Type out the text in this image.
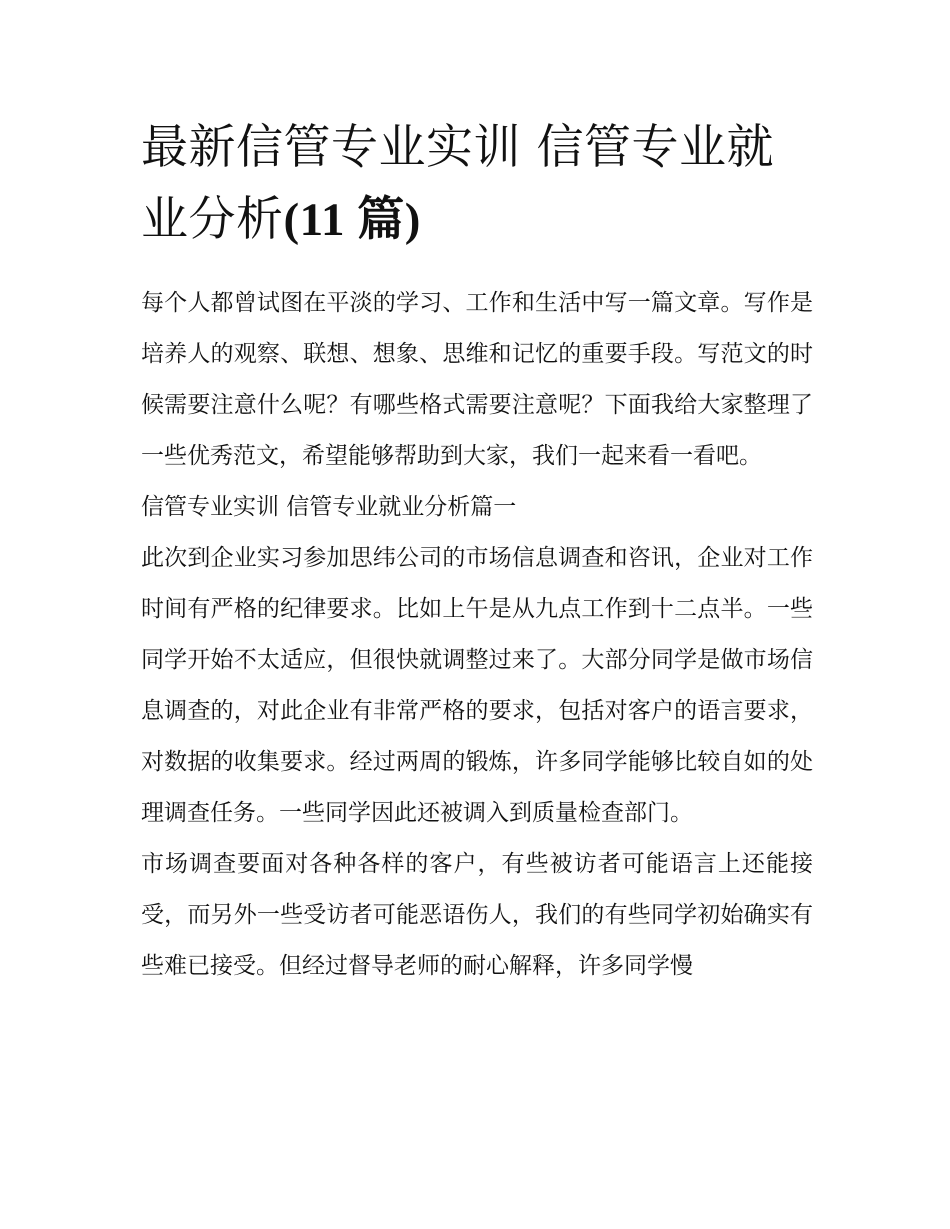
最新信管专业实训 信管专业就业分析(11 篇)

每个人都曾试图在平淡的学习、工作和生活中写一篇文章。写作是培养人的观察、联想、想象、思维和记忆的重要手段。写范文的时候需要注意什么呢？有哪些格式需要注意呢？下面我给大家整理了一些优秀范文，希望能够帮助到大家，我们一起来看一看吧。

信管专业实训 信管专业就业分析篇一

此次到企业实习参加思纬公司的市场信息调查和咨讯，企业对工作时间有严格的纪律要求。比如上午是从九点工作到十二点半。一些同学开始不太适应，但很快就调整过来了。大部分同学是做市场信息调查的，对此企业有非常严格的要求，包括对客户的语言要求，对数据的收集要求。经过两周的锻炼，许多同学能够比较自如的处理调查任务。一些同学因此还被调入到质量检查部门。

市场调查要面对各种各样的客户，有些被访者可能语言上还能接受，而另外一些受访者可能恶语伤人，我们的有些同学初始确实有些难已接受。但经过督导老师的耐心解释，许多同学慢
